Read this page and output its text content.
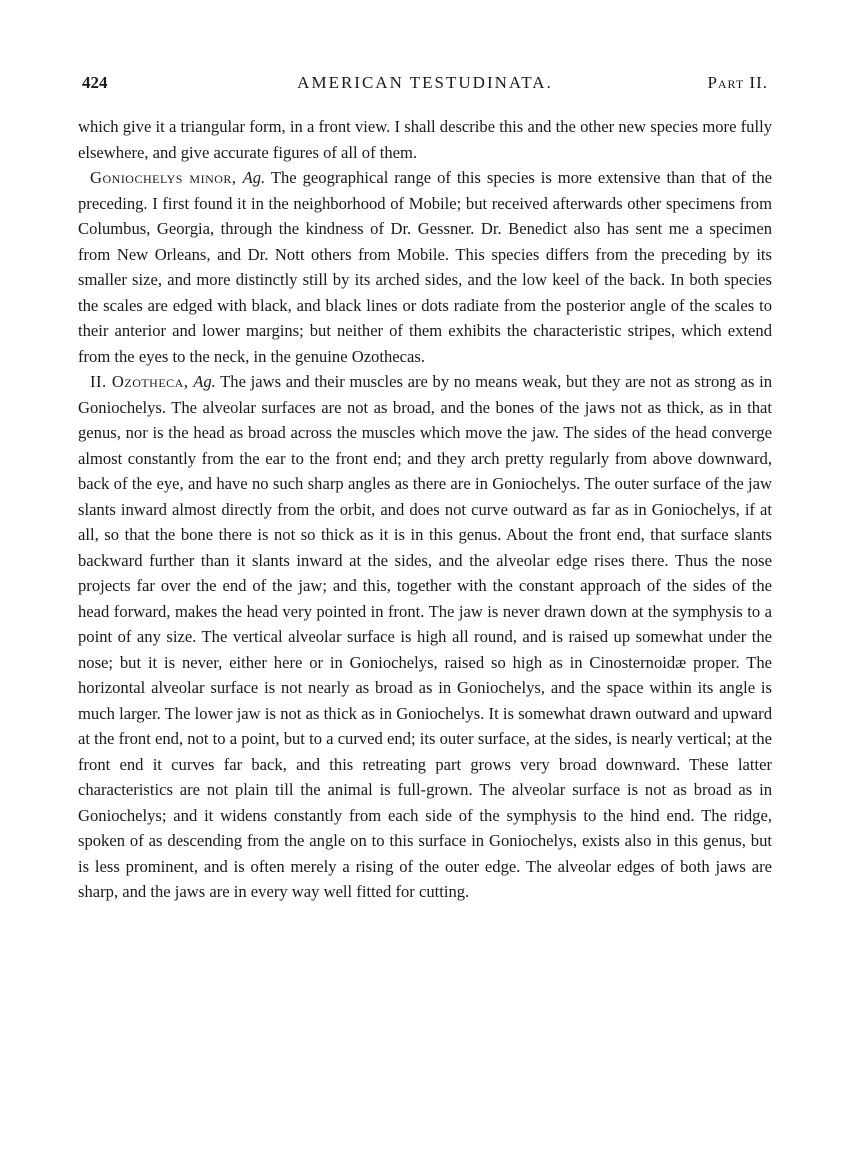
424	AMERICAN TESTUDINATA.	Part II.

which give it a triangular form, in a front view. I shall describe this and the other new species more fully elsewhere, and give accurate figures of all of them.

Goniochelys minor, Ag. The geographical range of this species is more extensive than that of the preceding. I first found it in the neighborhood of Mobile; but received afterwards other specimens from Columbus, Georgia, through the kindness of Dr. Gessner. Dr. Benedict also has sent me a specimen from New Orleans, and Dr. Nott others from Mobile. This species differs from the preceding by its smaller size, and more distinctly still by its arched sides, and the low keel of the back. In both species the scales are edged with black, and black lines or dots radiate from the posterior angle of the scales to their anterior and lower margins; but neither of them exhibits the characteristic stripes, which extend from the eyes to the neck, in the genuine Ozothecas.

II. Ozotheca, Ag. The jaws and their muscles are by no means weak, but they are not as strong as in Goniochelys. The alveolar surfaces are not as broad, and the bones of the jaws not as thick, as in that genus, nor is the head as broad across the muscles which move the jaw. The sides of the head converge almost constantly from the ear to the front end; and they arch pretty regularly from above downward, back of the eye, and have no such sharp angles as there are in Goniochelys. The outer surface of the jaw slants inward almost directly from the orbit, and does not curve outward as far as in Goniochelys, if at all, so that the bone there is not so thick as it is in this genus. About the front end, that surface slants backward further than it slants inward at the sides, and the alveolar edge rises there. Thus the nose projects far over the end of the jaw; and this, together with the constant approach of the sides of the head forward, makes the head very pointed in front. The jaw is never drawn down at the symphysis to a point of any size. The vertical alveolar surface is high all round, and is raised up somewhat under the nose; but it is never, either here or in Goniochelys, raised so high as in Cinosternoidæ proper. The horizontal alveolar surface is not nearly as broad as in Goniochelys, and the space within its angle is much larger. The lower jaw is not as thick as in Goniochelys. It is somewhat drawn outward and upward at the front end, not to a point, but to a curved end; its outer surface, at the sides, is nearly vertical; at the front end it curves far back, and this retreating part grows very broad downward. These latter characteristics are not plain till the animal is full-grown. The alveolar surface is not as broad as in Goniochelys; and it widens constantly from each side of the symphysis to the hind end. The ridge, spoken of as descending from the angle on to this surface in Goniochelys, exists also in this genus, but is less prominent, and is often merely a rising of the outer edge. The alveolar edges of both jaws are sharp, and the jaws are in every way well fitted for cutting.
